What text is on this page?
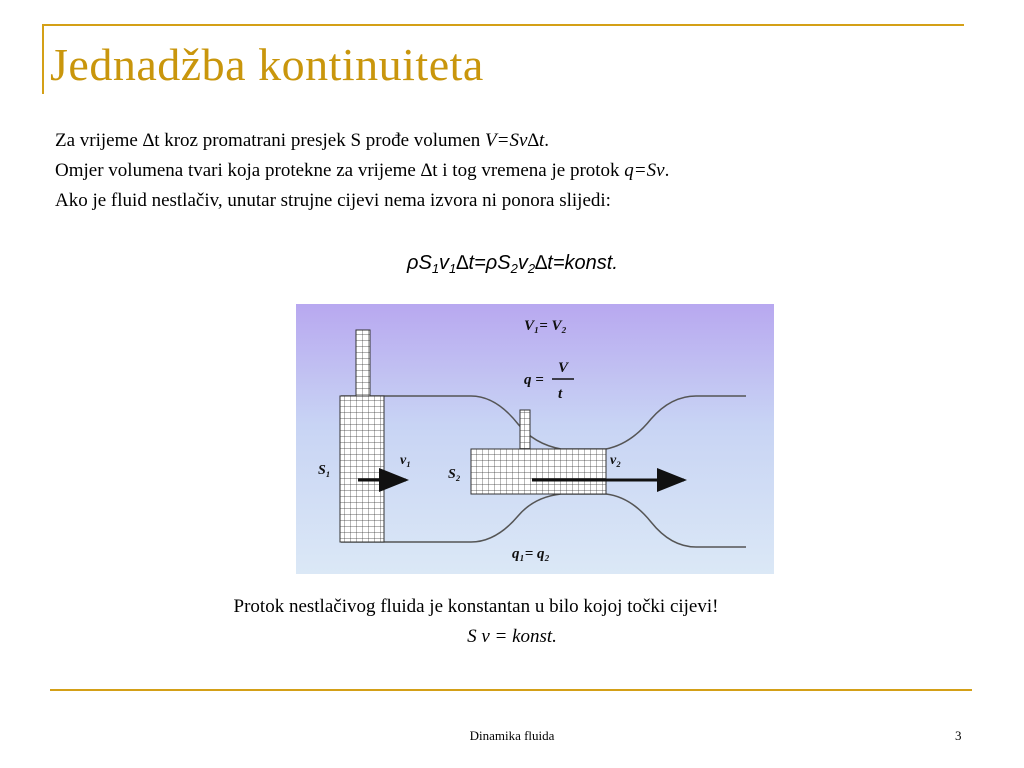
Jednadžba kontinuiteta
Za vrijeme ∆t kroz promatrani presjek S prođe volumen V=Sv∆t.
Omjer volumena tvari koja protekne za vrijeme ∆t i tog vremena je protok q=Sv.
Ako je fluid nestlačiv, unutar strujne cijevi nema izvora ni ponora slijedi:
$\rho S_1v_1\Delta t=\rho S_2v_2\Delta t=konst$.
V₁= V₂
q =
V
t
S₁
v₁
S₂
v₂
q₁= q₂
Protok nestlačivog fluida je konstantan u bilo kojoj točki cijevi!
S v = konst.
Dinamika fluida	3
